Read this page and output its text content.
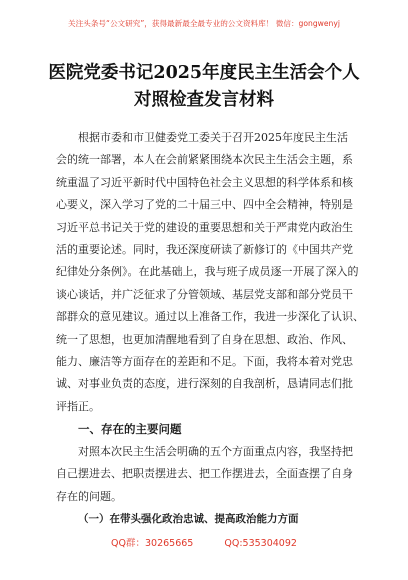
关注头条号“公文研究”，获得最新最全最专业的公文资料库！ 微信：gongwenyj
医院党委书记2025年度民主生活会个人
对照检查发言材料
根据市委和市卫健委党工委关于召开2025年度民主生活
会的统一部署，本人在会前紧紧围绕本次民主生活会主题，系
统重温了习近平新时代中国特色社会主义思想的科学体系和核
心要义，深入学习了党的二十届三中、四中全会精神，特别是
习近平总书记关于党的建设的重要思想和关于严肃党内政治生
活的重要论述。同时，我还深度研读了新修订的《中国共产党
纪律处分条例》。在此基础上，我与班子成员逐一开展了深入的
谈心谈话，并广泛征求了分管领域、基层党支部和部分党员干
部群众的意见建议。通过以上准备工作，我进一步深化了认识、
统一了思想，也更加清醒地看到了自身在思想、政治、作风、
能力、廉洁等方面存在的差距和不足。下面，我将本着对党忠
诚、对事业负责的态度，进行深刻的自我剖析，恳请同志们批
评指正。
一、存在的主要问题
对照本次民主生活会明确的五个方面重点内容，我坚持把
自己摆进去、把职责摆进去、把工作摆进去，全面查摆了自身
存在的问题。
（一）在带头强化政治忠诚、提高政治能力方面
QQ群：30265665	QQ:535304092
